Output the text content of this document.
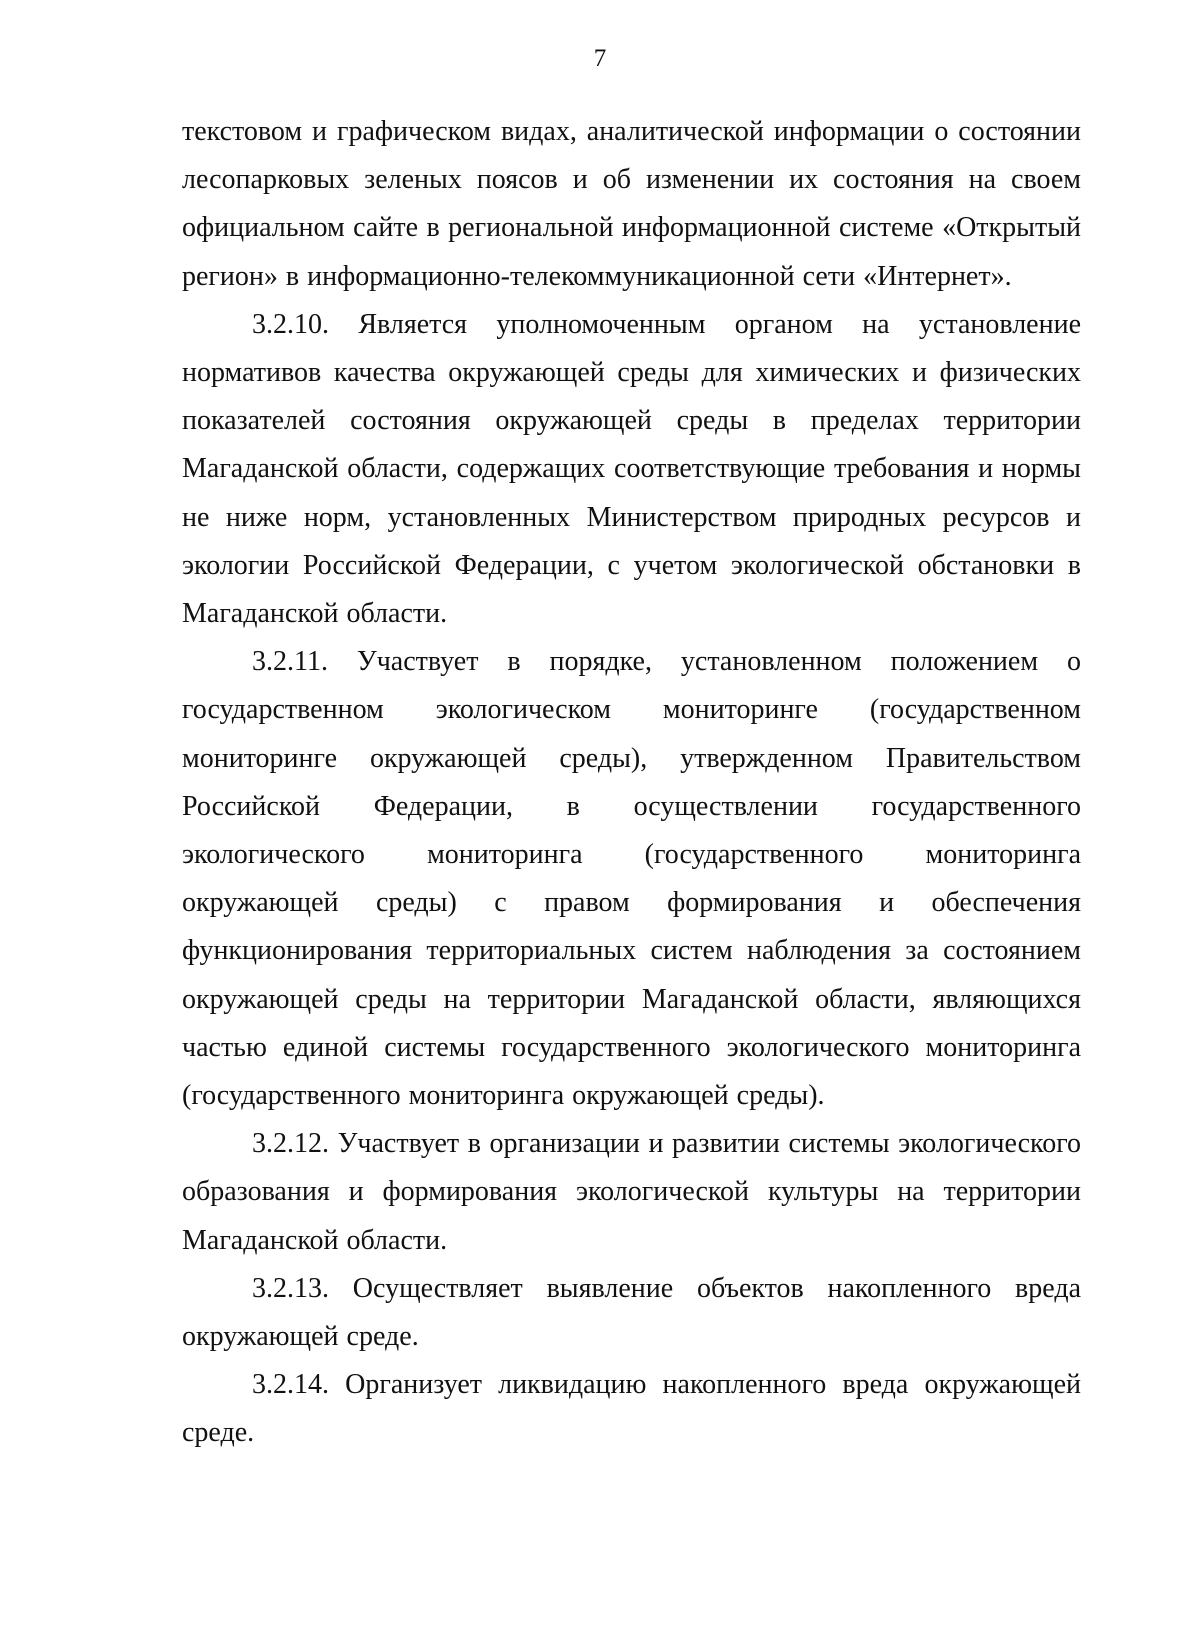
7

текстовом и графическом видах, аналитической информации о состоянии лесопарковых зеленых поясов и об изменении их состояния на своем официальном сайте в региональной информационной системе «Открытый регион» в информационно-телекоммуникационной сети «Интернет».

3.2.10. Является уполномоченным органом на установление нормативов качества окружающей среды для химических и физических показателей состояния окружающей среды в пределах территории Магаданской области, содержащих соответствующие требования и нормы не ниже норм, установленных Министерством природных ресурсов и экологии Российской Федерации, с учетом экологической обстановки в Магаданской области.

3.2.11. Участвует в порядке, установленном положением о государственном экологическом мониторинге (государственном мониторинге окружающей среды), утвержденном Правительством Российской Федерации, в осуществлении государственного экологического мониторинга (государственного мониторинга окружающей среды) с правом формирования и обеспечения функционирования территориальных систем наблюдения за состоянием окружающей среды на территории Магаданской области, являющихся частью единой системы государственного экологического мониторинга (государственного мониторинга окружающей среды).

3.2.12. Участвует в организации и развитии системы экологического образования и формирования экологической культуры на территории Магаданской области.

3.2.13. Осуществляет выявление объектов накопленного вреда окружающей среде.

3.2.14. Организует ликвидацию накопленного вреда окружающей среде.
